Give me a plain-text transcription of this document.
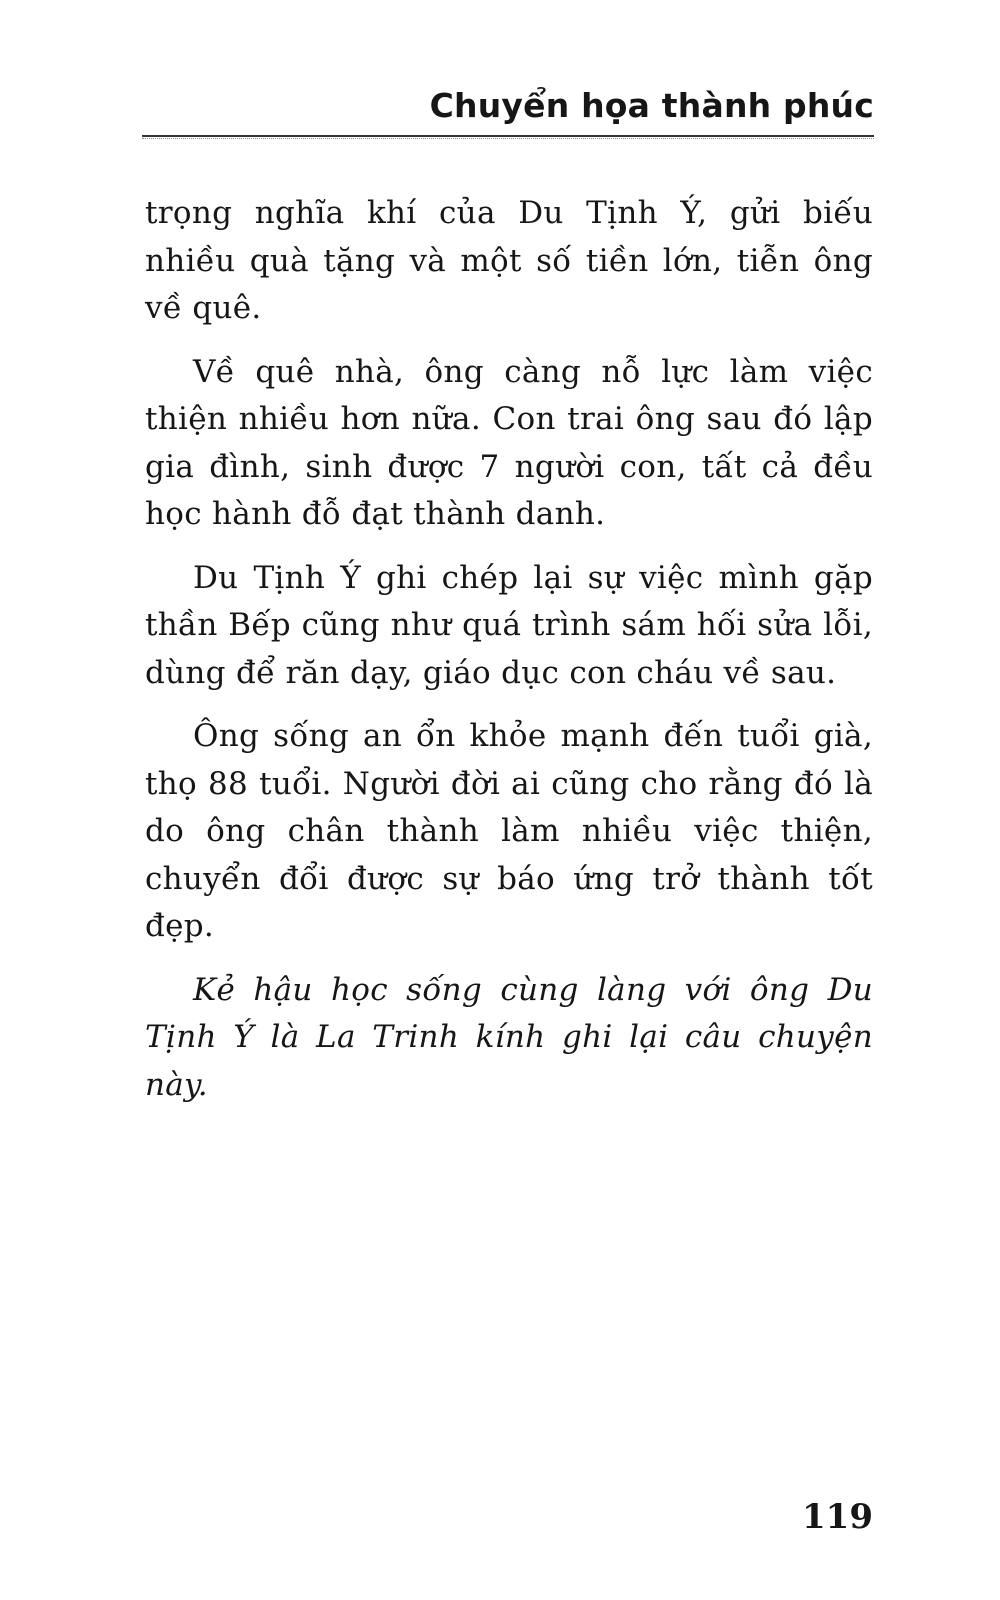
Chuyển họa thành phúc

trọng nghĩa khí của Du Tịnh Ý, gửi biếu nhiều quà tặng và một số tiền lớn, tiễn ông về quê.

Về quê nhà, ông càng nỗ lực làm việc thiện nhiều hơn nữa. Con trai ông sau đó lập gia đình, sinh được 7 người con, tất cả đều học hành đỗ đạt thành danh.

Du Tịnh Ý ghi chép lại sự việc mình gặp thần Bếp cũng như quá trình sám hối sửa lỗi, dùng để răn dạy, giáo dục con cháu về sau.

Ông sống an ổn khỏe mạnh đến tuổi già, thọ 88 tuổi. Người đời ai cũng cho rằng đó là do ông chân thành làm nhiều việc thiện, chuyển đổi được sự báo ứng trở thành tốt đẹp.

Kẻ hậu học sống cùng làng với ông Du Tịnh Ý là La Trinh kính ghi lại câu chuyện này.

119
